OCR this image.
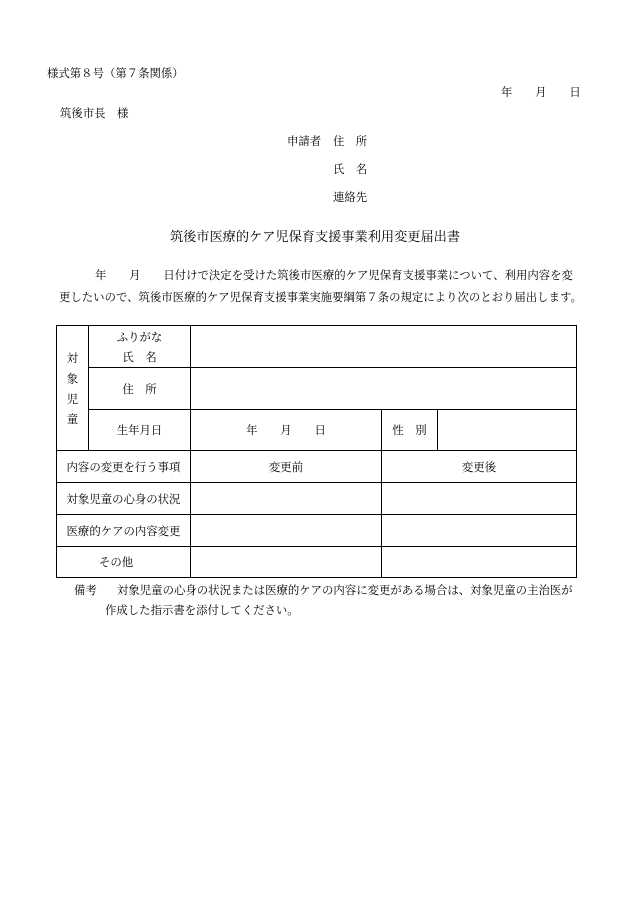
様式第８号（第７条関係）
年　　月　　日
筑後市長　様
申請者 住　所
氏　名
連絡先
筑後市医療的ケア児保育支援事業利用変更届出書
年　　月　　日付けで決定を受けた筑後市医療的ケア児保育支援事業について、利用内容を変
更したいので、筑後市医療的ケア児保育支援事業実施要綱第７条の規定により次のとおり届出します。
対象児童
ふりがな
氏　名
住　所
生年月日	年　　月　　日	性　別
内容の変更を行う事項	変更前	変更後
対象児童の心身の状況
医療的ケアの内容変更
その他
備考 対象児童の心身の状況または医療的ケアの内容に変更がある場合は、対象児童の主治医が
作成した指示書を添付してください。
